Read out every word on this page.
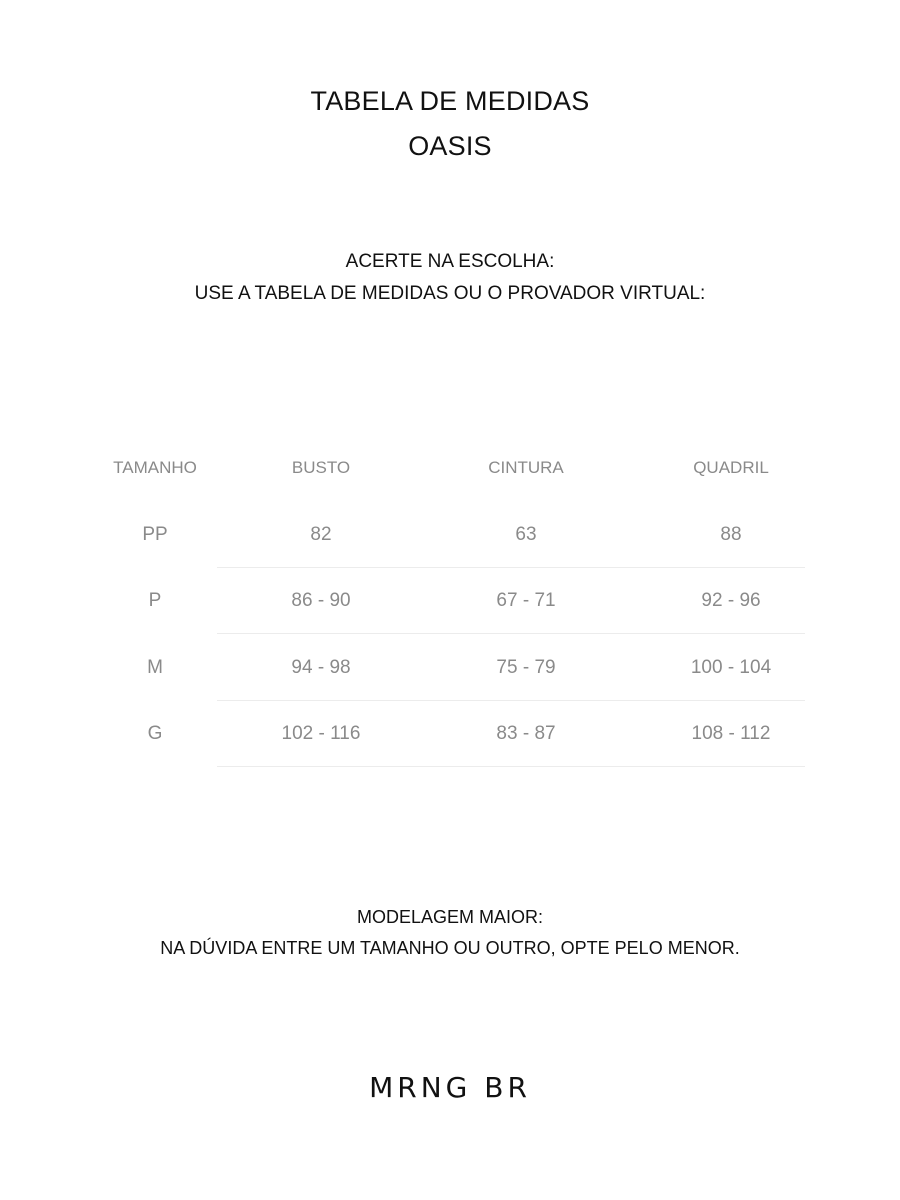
TABELA DE MEDIDAS
OASIS
ACERTE NA ESCOLHA:
USE A TABELA DE MEDIDAS OU O PROVADOR VIRTUAL:
TAMANHO	BUSTO	CINTURA	QUADRIL
PP	82	63	88
P	86 - 90	67 - 71	92 - 96
M	94 - 98	75 - 79	100 - 104
G	102 - 116	83 - 87	108 - 112
MODELAGEM MAIOR:
NA DÚVIDA ENTRE UM TAMANHO OU OUTRO, OPTE PELO MENOR.
MRNG BR
